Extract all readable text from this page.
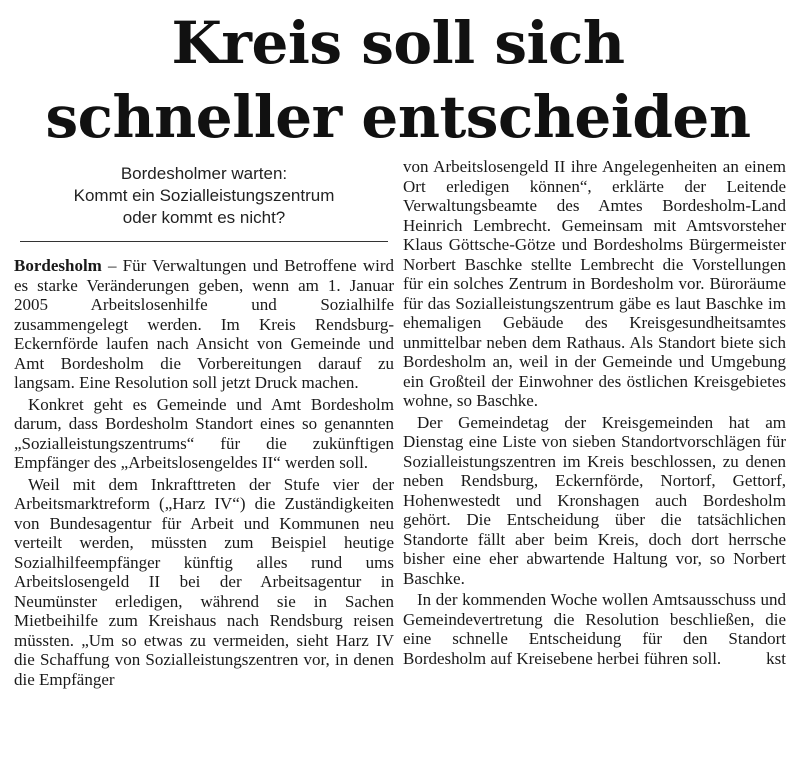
Kreis soll sich
schneller entscheiden
Bordesholmer warten:
Kommt ein Sozialleistungszentrum
oder kommt es nicht?

Bordesholm – Für Verwaltungen und Betroffene wird es starke Veränderungen geben, wenn am 1. Januar 2005 Arbeitslosenhilfe und Sozialhilfe zusammengelegt werden. Im Kreis Rendsburg-Eckernförde laufen nach Ansicht von Gemeinde und Amt Bordesholm die Vorbereitungen darauf zu langsam. Eine Resolution soll jetzt Druck machen.

Konkret geht es Gemeinde und Amt Bordesholm darum, dass Bordesholm Standort eines so genannten „Sozialleistungszentrums“ für die zukünftigen Empfänger des „Arbeitslosengeldes II“ werden soll.

Weil mit dem Inkrafttreten der Stufe vier der Arbeitsmarktreform („Harz IV“) die Zuständigkeiten von Bundesagentur für Arbeit und Kommunen neu verteilt werden, müssten zum Beispiel heutige Sozialhilfeempfänger künftig alles rund ums Arbeitslosengeld II bei der Arbeitsagentur in Neumünster erledigen, während sie in Sachen Mietbeihilfe zum Kreishaus nach Rendsburg reisen müssten. „Um so etwas zu vermeiden, sieht Harz IV die Schaffung von Sozialleistungszentren vor, in denen die Empfänger

von Arbeitslosengeld II ihre Angelegenheiten an einem Ort erledigen können“, erklärte der Leitende Verwaltungsbeamte des Amtes Bordesholm-Land Heinrich Lembrecht. Gemeinsam mit Amtsvorsteher Klaus Göttsche-Götze und Bordesholms Bürgermeister Norbert Baschke stellte Lembrecht die Vorstellungen für ein solches Zentrum in Bordesholm vor. Büroräume für das Sozialleistungszentrum gäbe es laut Baschke im ehemaligen Gebäude des Kreisgesundheitsamtes unmittelbar neben dem Rathaus. Als Standort biete sich Bordesholm an, weil in der Gemeinde und Umgebung ein Großteil der Einwohner des östlichen Kreisgebietes wohne, so Baschke.

Der Gemeindetag der Kreisgemeinden hat am Dienstag eine Liste von sieben Standortvorschlägen für Sozialleistungszentren im Kreis beschlossen, zu denen neben Rendsburg, Eckernförde, Nortorf, Gettorf, Hohenwestedt und Kronshagen auch Bordesholm gehört. Die Entscheidung über die tatsächlichen Standorte fällt aber beim Kreis, doch dort herrsche bisher eine eher abwartende Haltung vor, so Norbert Baschke.

In der kommenden Woche wollen Amtsausschuss und Gemeindevertretung die Resolution beschließen, die eine schnelle Entscheidung für den Standort Bordesholm auf Kreisebene herbei führen soll.	kst
